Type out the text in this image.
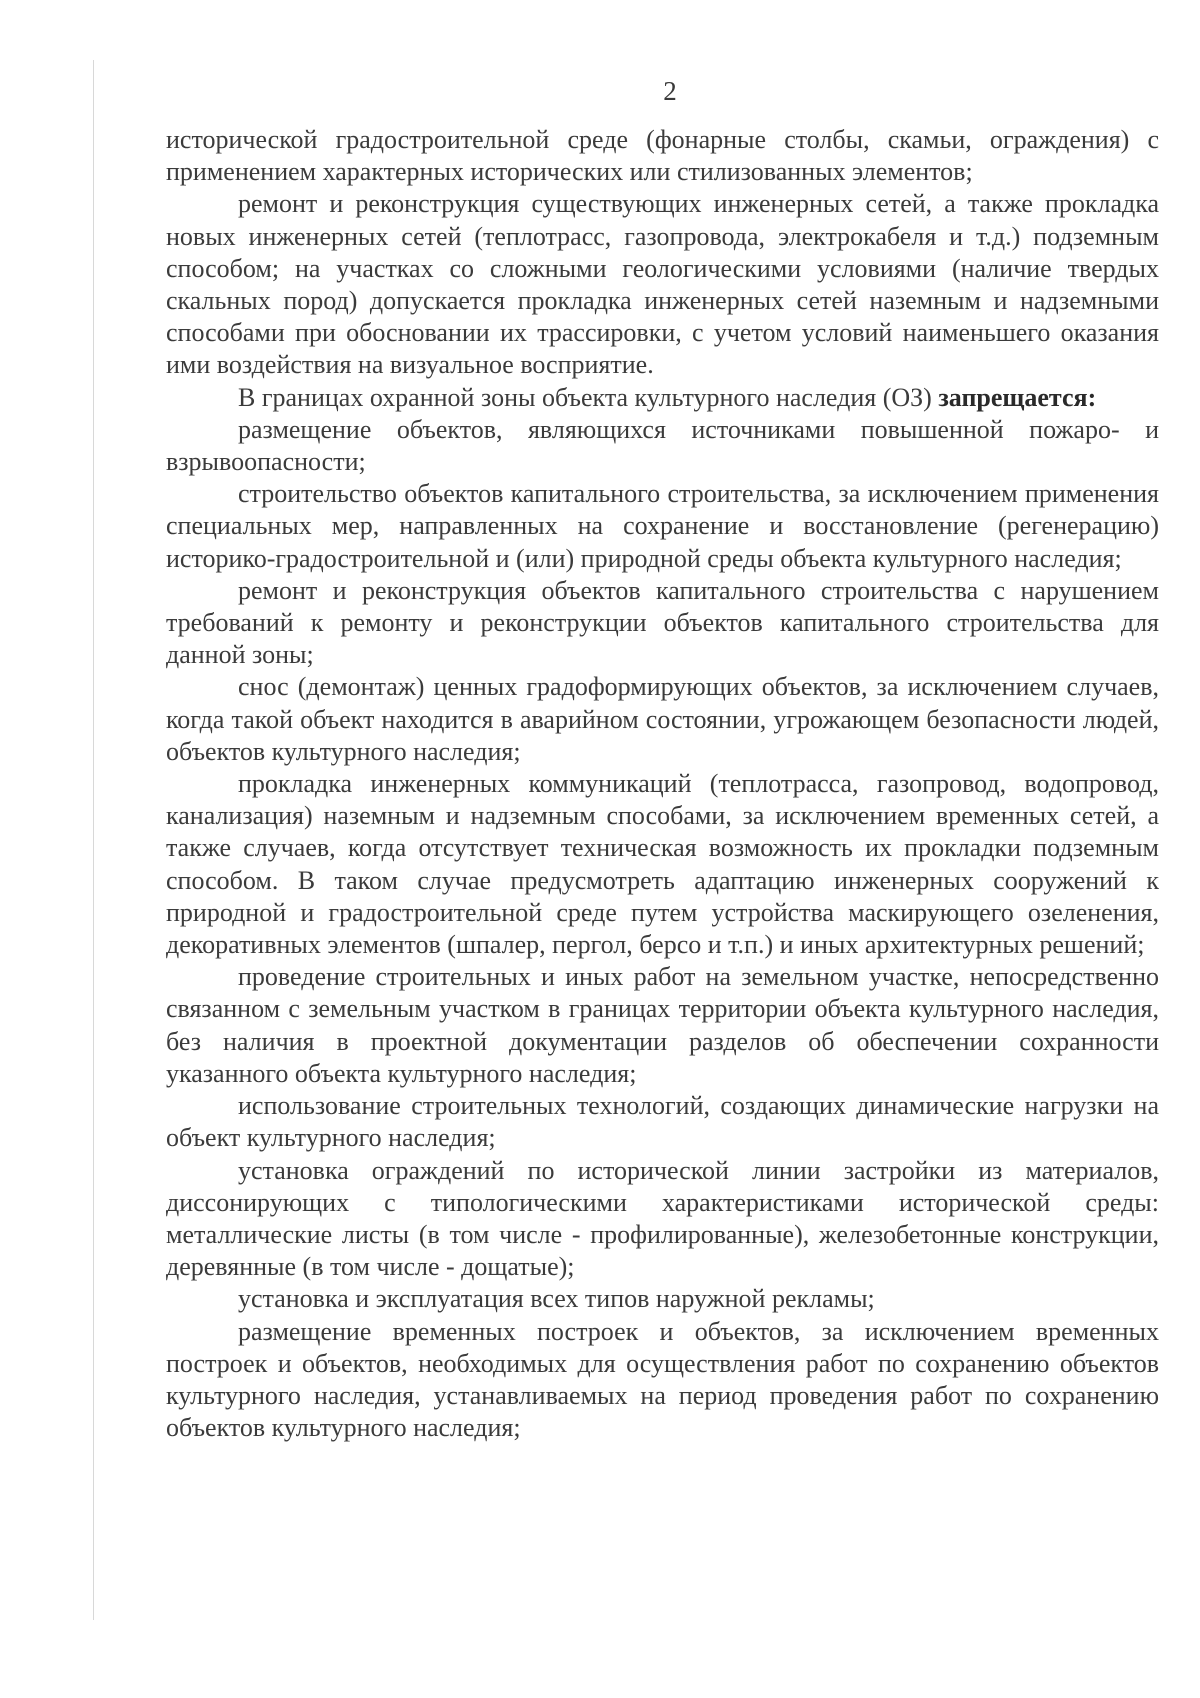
2

исторической градостроительной среде (фонарные столбы, скамьи, ограждения) с применением характерных исторических или стилизованных элементов;

ремонт и реконструкция существующих инженерных сетей, а также прокладка новых инженерных сетей (теплотрасс, газопровода, электрокабеля и т.д.) подземным способом; на участках со сложными геологическими условиями (наличие твердых скальных пород) допускается прокладка инженерных сетей наземным и надземными способами при обосновании их трассировки, с учетом условий наименьшего оказания ими воздействия на визуальное восприятие.

В границах охранной зоны объекта культурного наследия (ОЗ) запрещается:

размещение объектов, являющихся источниками повышенной пожаро- и взрывоопасности;

строительство объектов капитального строительства, за исключением применения специальных мер, направленных на сохранение и восстановление (регенерацию) историко-градостроительной и (или) природной среды объекта культурного наследия;

ремонт и реконструкция объектов капитального строительства с нарушением требований к ремонту и реконструкции объектов капитального строительства для данной зоны;

снос (демонтаж) ценных градоформирующих объектов, за исключением случаев, когда такой объект находится в аварийном состоянии, угрожающем безопасности людей, объектов культурного наследия;

прокладка инженерных коммуникаций (теплотрасса, газопровод, водопровод, канализация) наземным и надземным способами, за исключением временных сетей, а также случаев, когда отсутствует техническая возможность их прокладки подземным способом. В таком случае предусмотреть адаптацию инженерных сооружений к природной и градостроительной среде путем устройства маскирующего озеленения, декоративных элементов (шпалер, пергол, берсо и т.п.) и иных архитектурных решений;

проведение строительных и иных работ на земельном участке, непосредственно связанном с земельным участком в границах территории объекта культурного наследия, без наличия в проектной документации разделов об обеспечении сохранности указанного объекта культурного наследия;

использование строительных технологий, создающих динамические нагрузки на объект культурного наследия;

установка ограждений по исторической линии застройки из материалов, диссонирующих с типологическими характеристиками исторической среды: металлические листы (в том числе - профилированные), железобетонные конструкции, деревянные (в том числе - дощатые);

установка и эксплуатация всех типов наружной рекламы;

размещение временных построек и объектов, за исключением временных построек и объектов, необходимых для осуществления работ по сохранению объектов культурного наследия, устанавливаемых на период проведения работ по сохранению объектов культурного наследия;
